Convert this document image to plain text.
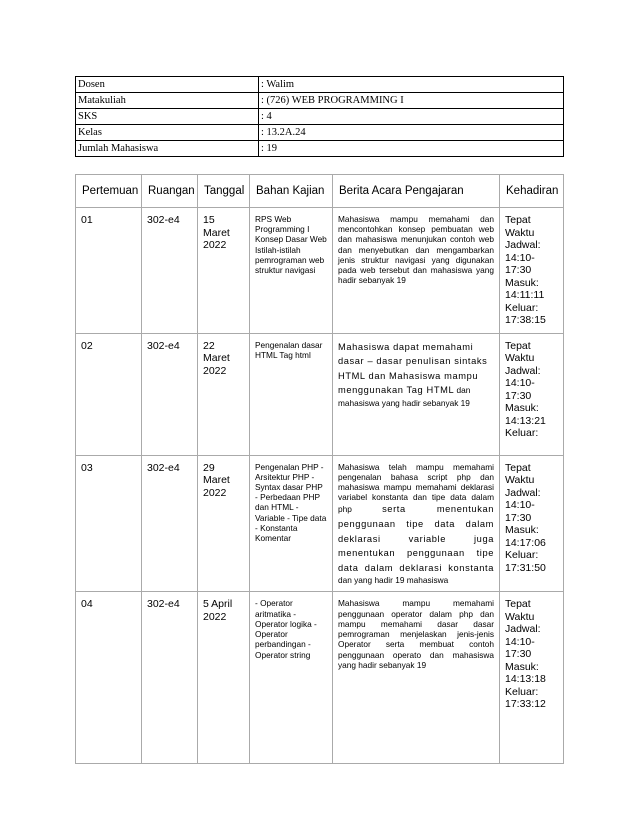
Dosen	: Walim
Matakuliah	: (726) WEB PROGRAMMING I
SKS	: 4
Kelas	: 13.2A.24
Jumlah Mahasiswa	: 19
Pertemuan	Ruangan	Tanggal	Bahan Kajian	Berita Acara Pengajaran	Kehadiran
01	302-e4	15 Maret 2022	RPS Web Programming I Konsep Dasar Web Istilah-istilah pemrograman web struktur navigasi	Mahasiswa mampu memahami dan mencontohkan konsep pembuatan web dan mahasiswa menunjukan contoh web dan menyebutkan dan mengambarkan jenis struktur navigasi yang digunakan pada web tersebut dan mahasiswa yang hadir sebanyak 19	Tepat Waktu Jadwal: 14:10-17:30 Masuk: 14:11:11 Keluar: 17:38:15
02	302-e4	22 Maret 2022	Pengenalan dasar HTML Tag html	Mahasiswa dapat memahami dasar – dasar penulisan sintaks HTML dan Mahasiswa mampu menggunakan Tag HTML dan mahasiswa yang hadir sebanyak 19	Tepat Waktu Jadwal: 14:10-17:30 Masuk: 14:13:21 Keluar:
03	302-e4	29 Maret 2022	Pengenalan PHP - Arsitektur PHP - Syntax dasar PHP - Perbedaan PHP dan HTML - Variable - Tipe data - Konstanta Komentar	Mahasiswa telah mampu memahami pengenalan bahasa script php dan mahasiswa mampu memahami deklarasi variabel konstanta dan tipe data dalam php serta menentukan penggunaan tipe data dalam deklarasi variable juga menentukan penggunaan tipe data dalam deklarasi konstanta dan yang hadir 19 mahasiswa	Tepat Waktu Jadwal: 14:10-17:30 Masuk: 14:17:06 Keluar: 17:31:50
04	302-e4	5 April 2022	- Operator aritmatika - Operator logika - Operator perbandingan - Operator string	Mahasiswa mampu memahami penggunaan operator dalam php dan mampu memahami dasar dasar pemrograman menjelaskan jenis-jenis Operator serta membuat contoh penggunaan operato dan mahasiswa yang hadir sebanyak 19	Tepat Waktu Jadwal: 14:10-17:30 Masuk: 14:13:18 Keluar: 17:33:12
